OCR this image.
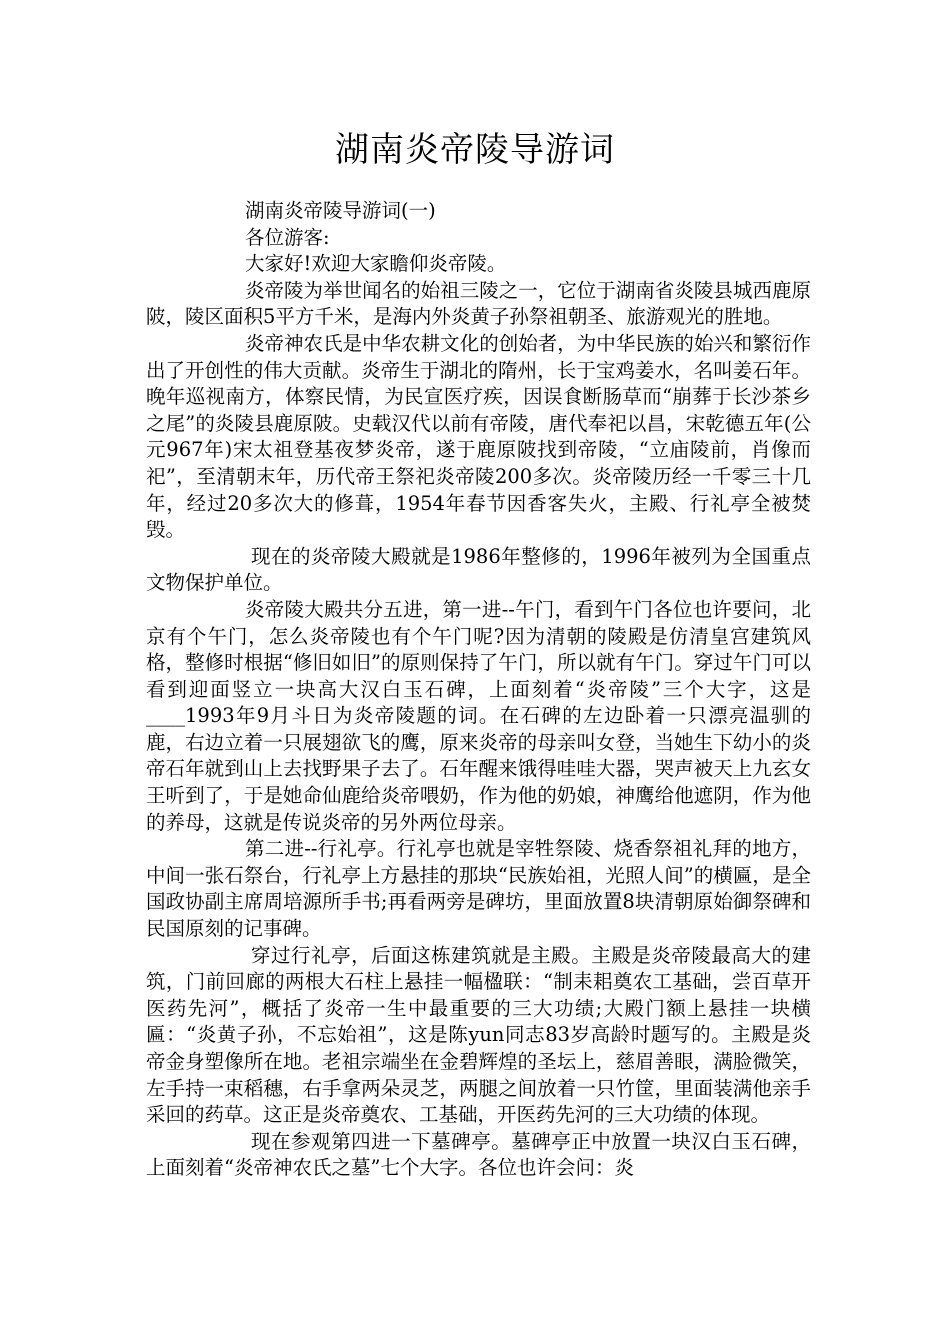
湖南炎帝陵导游词

湖南炎帝陵导游词(一)

各位游客:

大家好!欢迎大家瞻仰炎帝陵。

炎帝陵为举世闻名的始祖三陵之一，它位于湖南省炎陵县城西鹿原陂，陵区面积5平方千米，是海内外炎黄子孙祭祖朝圣、旅游观光的胜地。

炎帝神农氏是中华农耕文化的创始者，为中华民族的始兴和繁衍作出了开创性的伟大贡献。炎帝生于湖北的隋州，长于宝鸡姜水，名叫姜石年。晚年巡视南方，体察民情，为民宣医疗疾，因误食断肠草而“崩葬于长沙茶乡之尾”的炎陵县鹿原陂。史载汉代以前有帝陵，唐代奉祀以昌，宋乾德五年(公元967年)宋太祖登基夜梦炎帝，遂于鹿原陂找到帝陵，“立庙陵前，肖像而祀”，至清朝末年，历代帝王祭祀炎帝陵200多次。炎帝陵历经一千零三十几年，经过20多次大的修葺，1954年春节因香客失火，主殿、行礼亭全被焚毁。

现在的炎帝陵大殿就是1986年整修的，1996年被列为全国重点文物保护单位。

炎帝陵大殿共分五进，第一进--午门，看到午门各位也许要问，北京有个午门，怎么炎帝陵也有个午门呢?因为清朝的陵殿是仿清皇宫建筑风格，整修时根据“修旧如旧”的原则保持了午门，所以就有午门。穿过午门可以看到迎面竖立一块高大汉白玉石碑，上面刻着“炎帝陵”三个大字，这是____1993年9月斗日为炎帝陵题的词。在石碑的左边卧着一只漂亮温驯的鹿，右边立着一只展翅欲飞的鹰，原来炎帝的母亲叫女登，当她生下幼小的炎帝石年就到山上去找野果子去了。石年醒来饿得哇哇大器，哭声被天上九玄女王听到了，于是她命仙鹿给炎帝喂奶，作为他的奶娘，神鹰给他遮阴，作为他的养母，这就是传说炎帝的另外两位母亲。

第二进--行礼亭。行礼亭也就是宰牲祭陵、烧香祭祖礼拜的地方，中间一张石祭台，行礼亭上方悬挂的那块“民族始祖，光照人间”的横匾，是全国政协副主席周培源所手书;再看两旁是碑坊，里面放置8块清朝原始御祭碑和民国原刻的记事碑。

穿过行礼亭，后面这栋建筑就是主殿。主殿是炎帝陵最高大的建筑，门前回廊的两根大石柱上悬挂一幅楹联：“制耒耜奠农工基础，尝百草开医药先河”，概括了炎帝一生中最重要的三大功绩;大殿门额上悬挂一块横匾：“炎黄子孙，不忘始祖”，这是陈yun同志83岁高龄时题写的。主殿是炎帝金身塑像所在地。老祖宗端坐在金碧辉煌的圣坛上，慈眉善眼，满脸微笑，左手持一束稻穗，右手拿两朵灵芝，两腿之间放着一只竹筐，里面装满他亲手采回的药草。这正是炎帝奠农、工基础，开医药先河的三大功绩的体现。

现在参观第四进一下墓碑亭。墓碑亭正中放置一块汉白玉石碑，上面刻着“炎帝神农氏之墓”七个大字。各位也许会问：炎
